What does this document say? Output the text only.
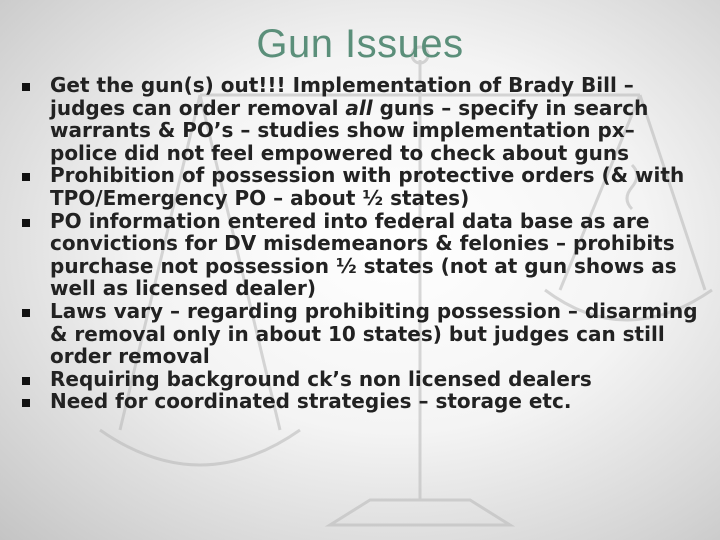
Gun Issues
Get the gun(s) out!!! Implementation of Brady Bill – judges can order removal all guns – specify in search warrants & PO’s – studies show implementation px– police did not feel empowered to check about guns
Prohibition of possession with protective orders (& with TPO/Emergency PO – about ½ states)
PO information entered into federal data base as are convictions for DV misdemeanors & felonies – prohibits purchase not possession ½ states (not at gun shows as well as licensed dealer)
Laws vary – regarding prohibiting possession – disarming & removal only in about 10 states) but judges can still order removal
Requiring background ck’s non licensed dealers
Need for coordinated strategies – storage etc.
